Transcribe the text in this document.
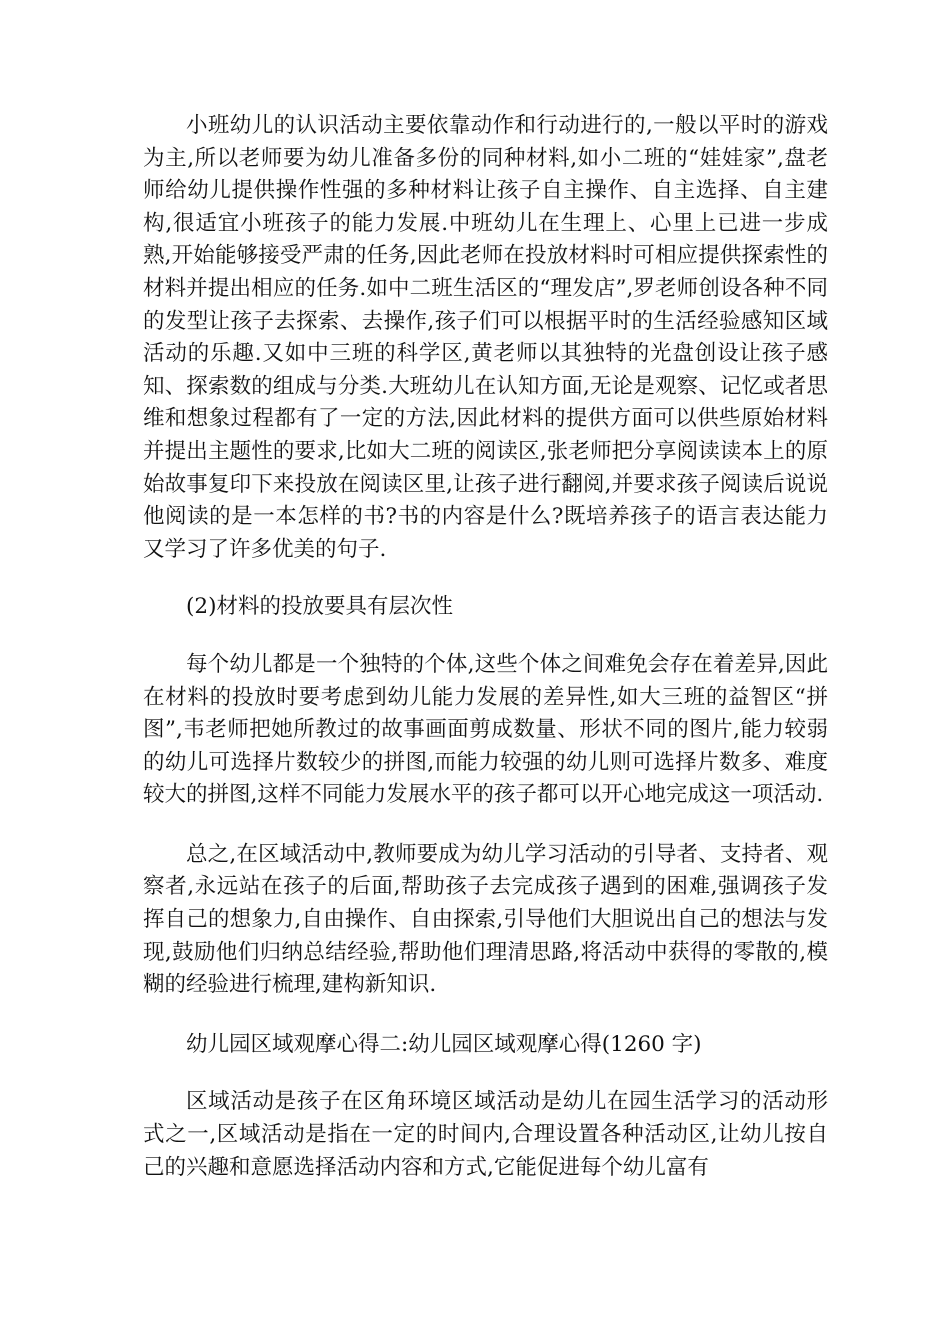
小班幼儿的认识活动主要依靠动作和行动进行的,一般以平时的游戏为主,所以老师要为幼儿准备多份的同种材料,如小二班的“娃娃家”,盘老师给幼儿提供操作性强的多种材料让孩子自主操作、自主选择、自主建构,很适宜小班孩子的能力发展.中班幼儿在生理上、心里上已进一步成熟,开始能够接受严肃的任务,因此老师在投放材料时可相应提供探索性的材料并提出相应的任务.如中二班生活区的“理发店”,罗老师创设各种不同的发型让孩子去探索、去操作,孩子们可以根据平时的生活经验感知区域活动的乐趣.又如中三班的科学区,黄老师以其独特的光盘创设让孩子感知、探索数的组成与分类.大班幼儿在认知方面,无论是观察、记忆或者思维和想象过程都有了一定的方法,因此材料的提供方面可以供些原始材料并提出主题性的要求,比如大二班的阅读区,张老师把分享阅读读本上的原始故事复印下来投放在阅读区里,让孩子进行翻阅,并要求孩子阅读后说说他阅读的是一本怎样的书?书的内容是什么?既培养孩子的语言表达能力又学习了许多优美的句子.

(2)材料的投放要具有层次性

每个幼儿都是一个独特的个体,这些个体之间难免会存在着差异,因此在材料的投放时要考虑到幼儿能力发展的差异性,如大三班的益智区“拼图”,韦老师把她所教过的故事画面剪成数量、形状不同的图片,能力较弱的幼儿可选择片数较少的拼图,而能力较强的幼儿则可选择片数多、难度较大的拼图,这样不同能力发展水平的孩子都可以开心地完成这一项活动.

总之,在区域活动中,教师要成为幼儿学习活动的引导者、支持者、观察者,永远站在孩子的后面,帮助孩子去完成孩子遇到的困难,强调孩子发挥自己的想象力,自由操作、自由探索,引导他们大胆说出自己的想法与发现,鼓励他们归纳总结经验,帮助他们理清思路,将活动中获得的零散的,模糊的经验进行梳理,建构新知识.

幼儿园区域观摩心得二:幼儿园区域观摩心得(1260 字)

区域活动是孩子在区角环境区域活动是幼儿在园生活学习的活动形式之一,区域活动是指在一定的时间内,合理设置各种活动区,让幼儿按自己的兴趣和意愿选择活动内容和方式,它能促进每个幼儿富有
